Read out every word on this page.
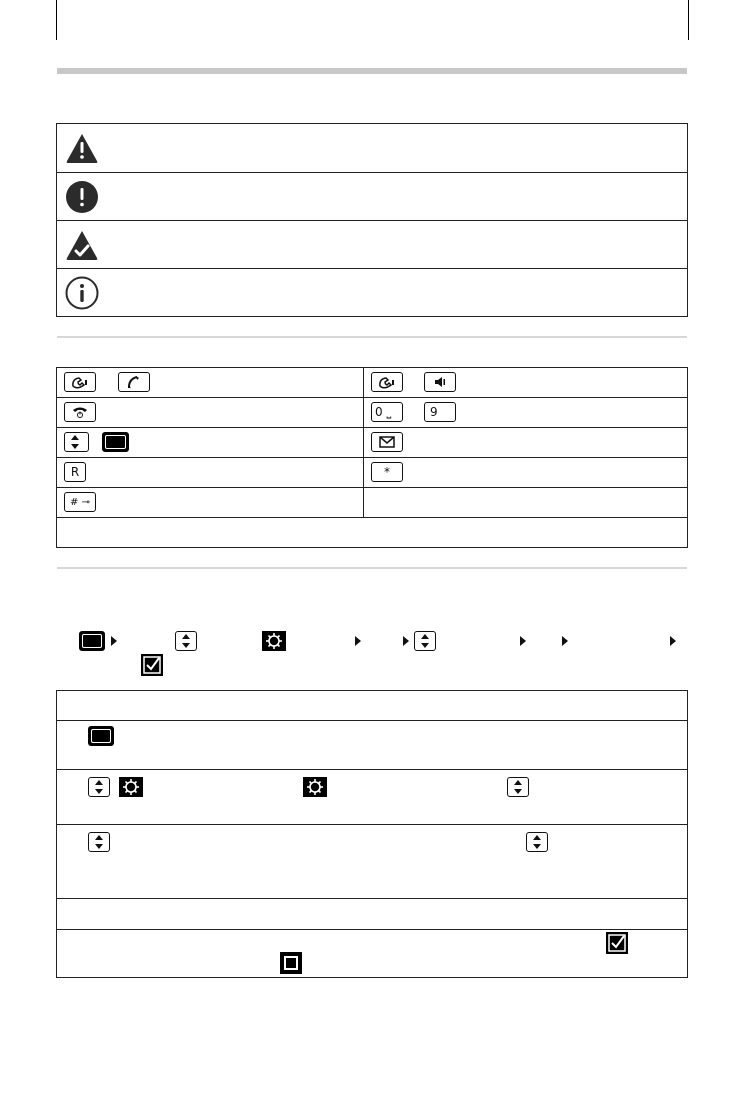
0 ⎵	9
R	*
# ⊸
